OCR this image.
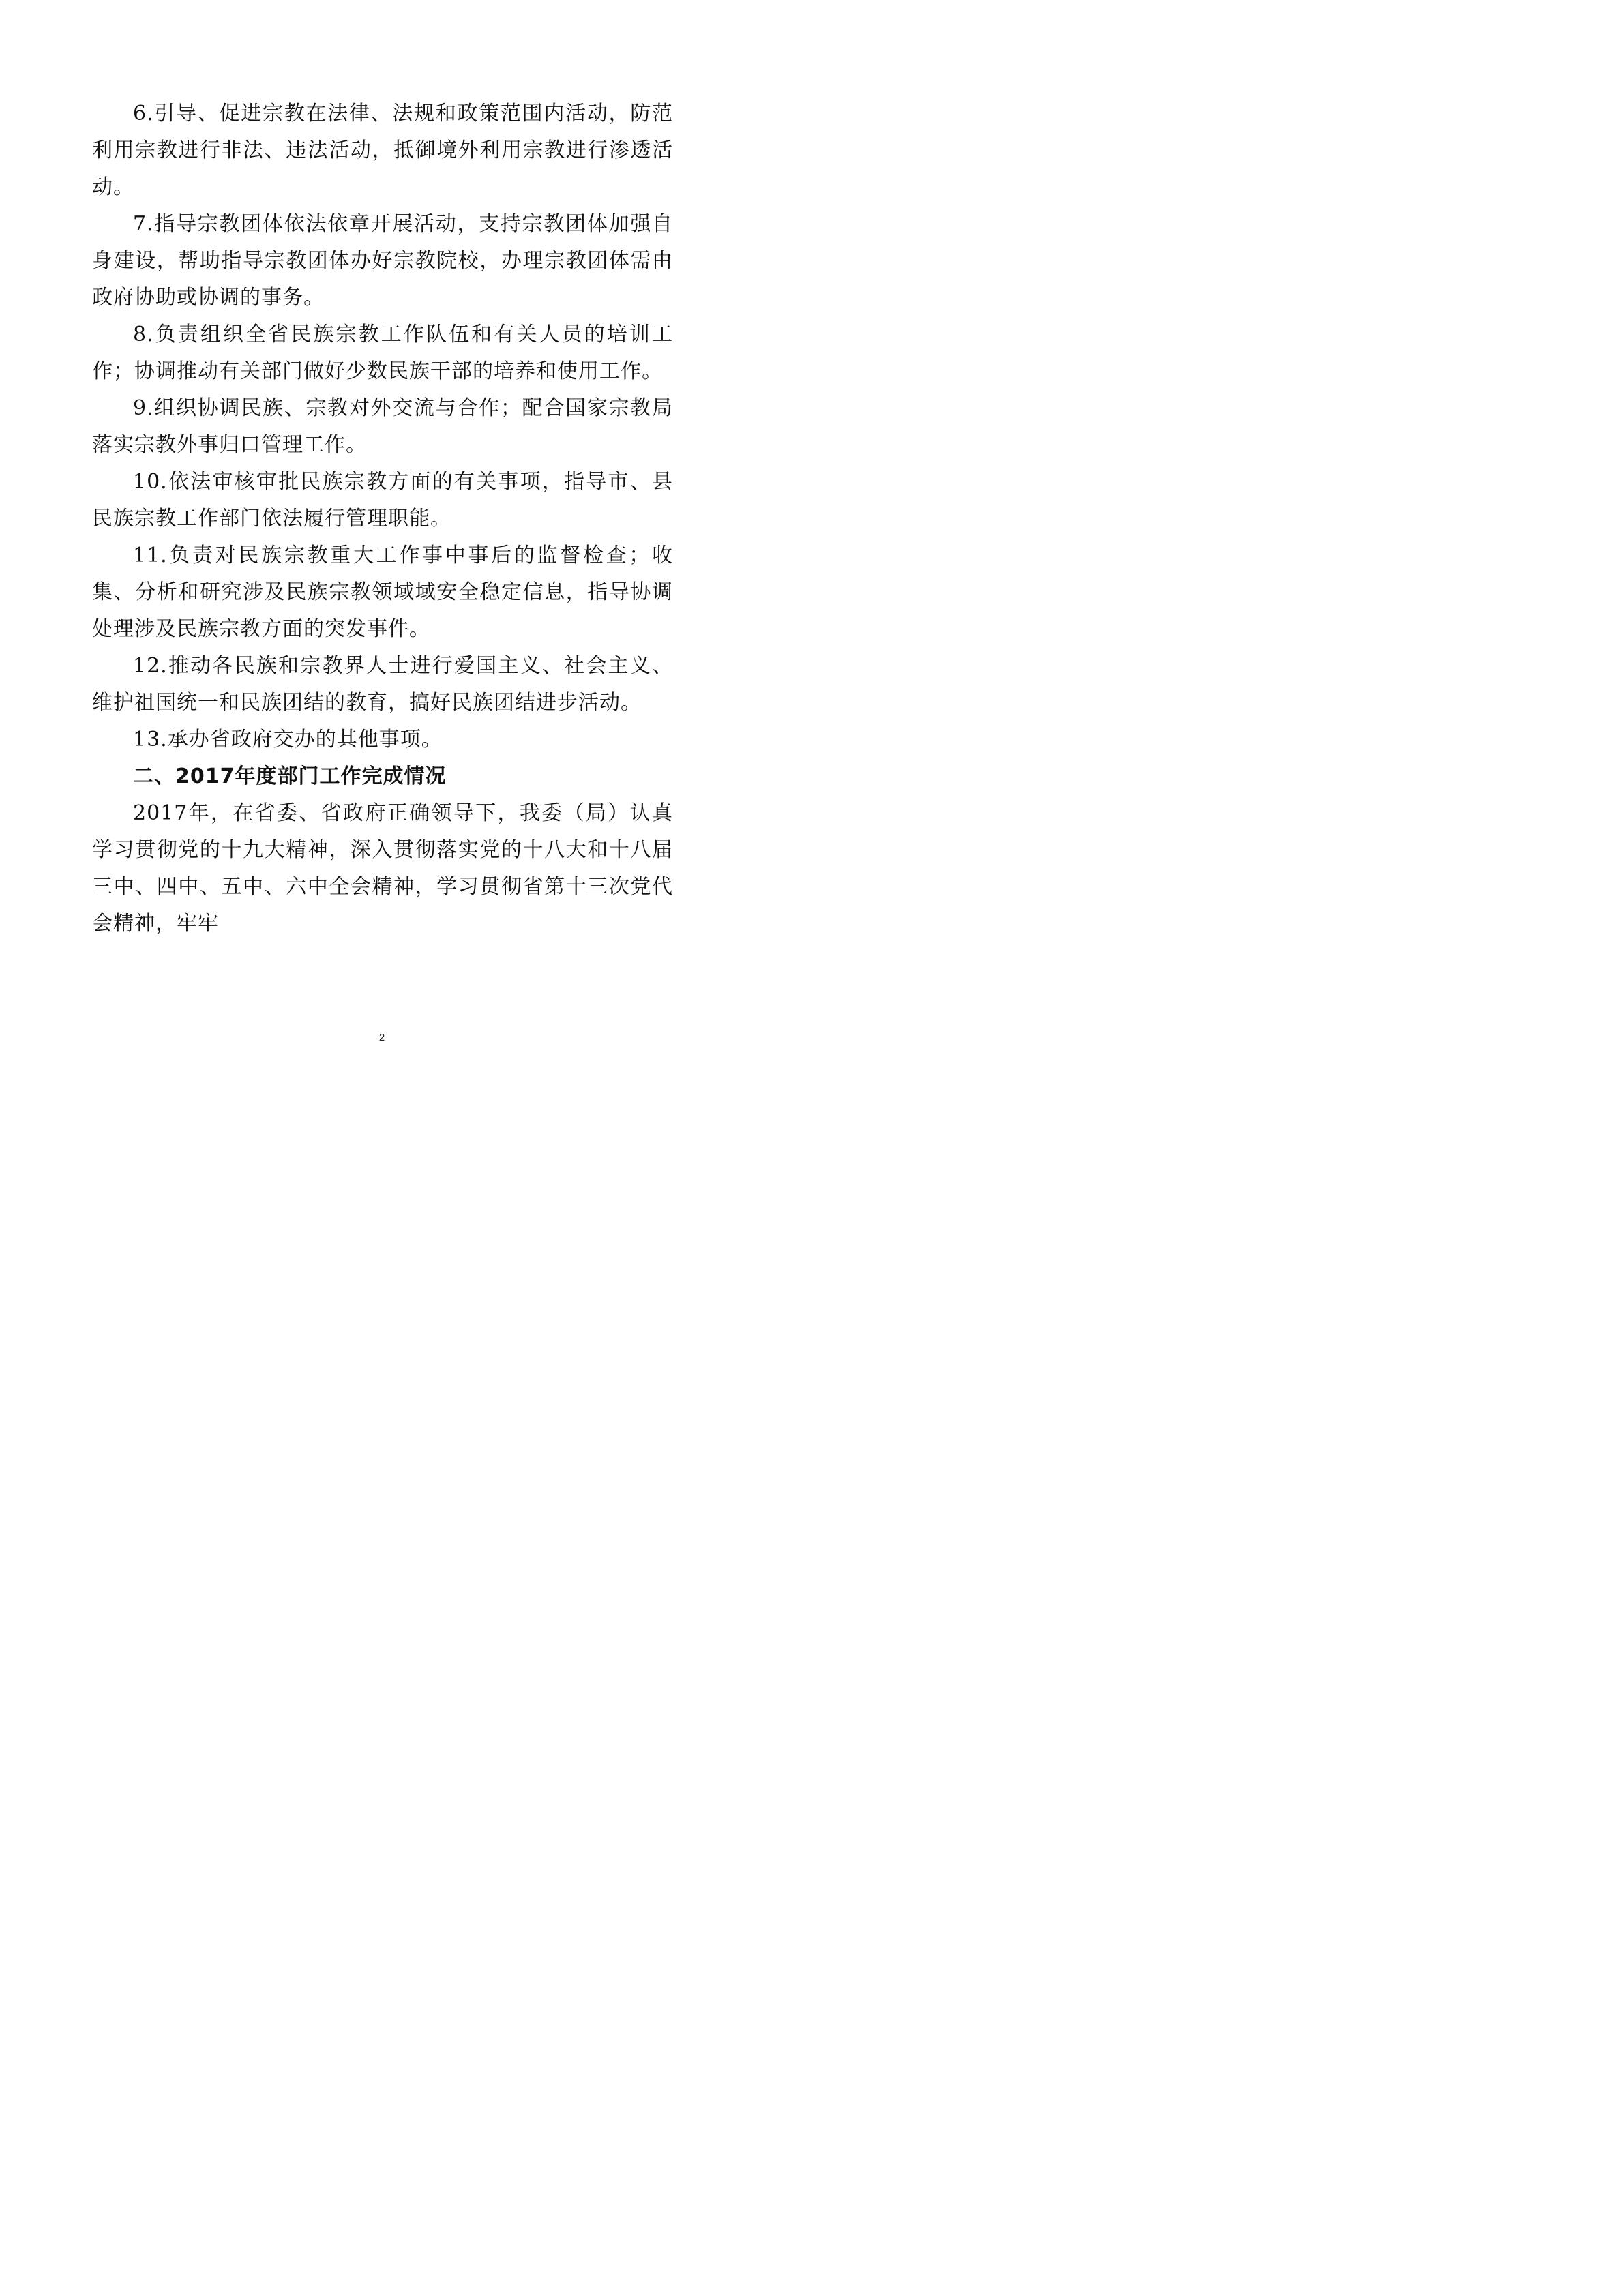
6.引导、促进宗教在法律、法规和政策范围内活动，防范利用宗教进行非法、违法活动，抵御境外利用宗教进行渗透活动。

7.指导宗教团体依法依章开展活动，支持宗教团体加强自身建设，帮助指导宗教团体办好宗教院校，办理宗教团体需由政府协助或协调的事务。

8.负责组织全省民族宗教工作队伍和有关人员的培训工作；协调推动有关部门做好少数民族干部的培养和使用工作。

9.组织协调民族、宗教对外交流与合作；配合国家宗教局落实宗教外事归口管理工作。

10.依法审核审批民族宗教方面的有关事项，指导市、县民族宗教工作部门依法履行管理职能。

11.负责对民族宗教重大工作事中事后的监督检查；收集、分析和研究涉及民族宗教领域域安全稳定信息，指导协调处理涉及民族宗教方面的突发事件。

12.推动各民族和宗教界人士进行爱国主义、社会主义、维护祖国统一和民族团结的教育，搞好民族团结进步活动。

13.承办省政府交办的其他事项。

二、2017年度部门工作完成情况

2017年，在省委、省政府正确领导下，我委（局）认真学习贯彻党的十九大精神，深入贯彻落实党的十八大和十八届三中、四中、五中、六中全会精神，学习贯彻省第十三次党代会精神，牢牢

2
